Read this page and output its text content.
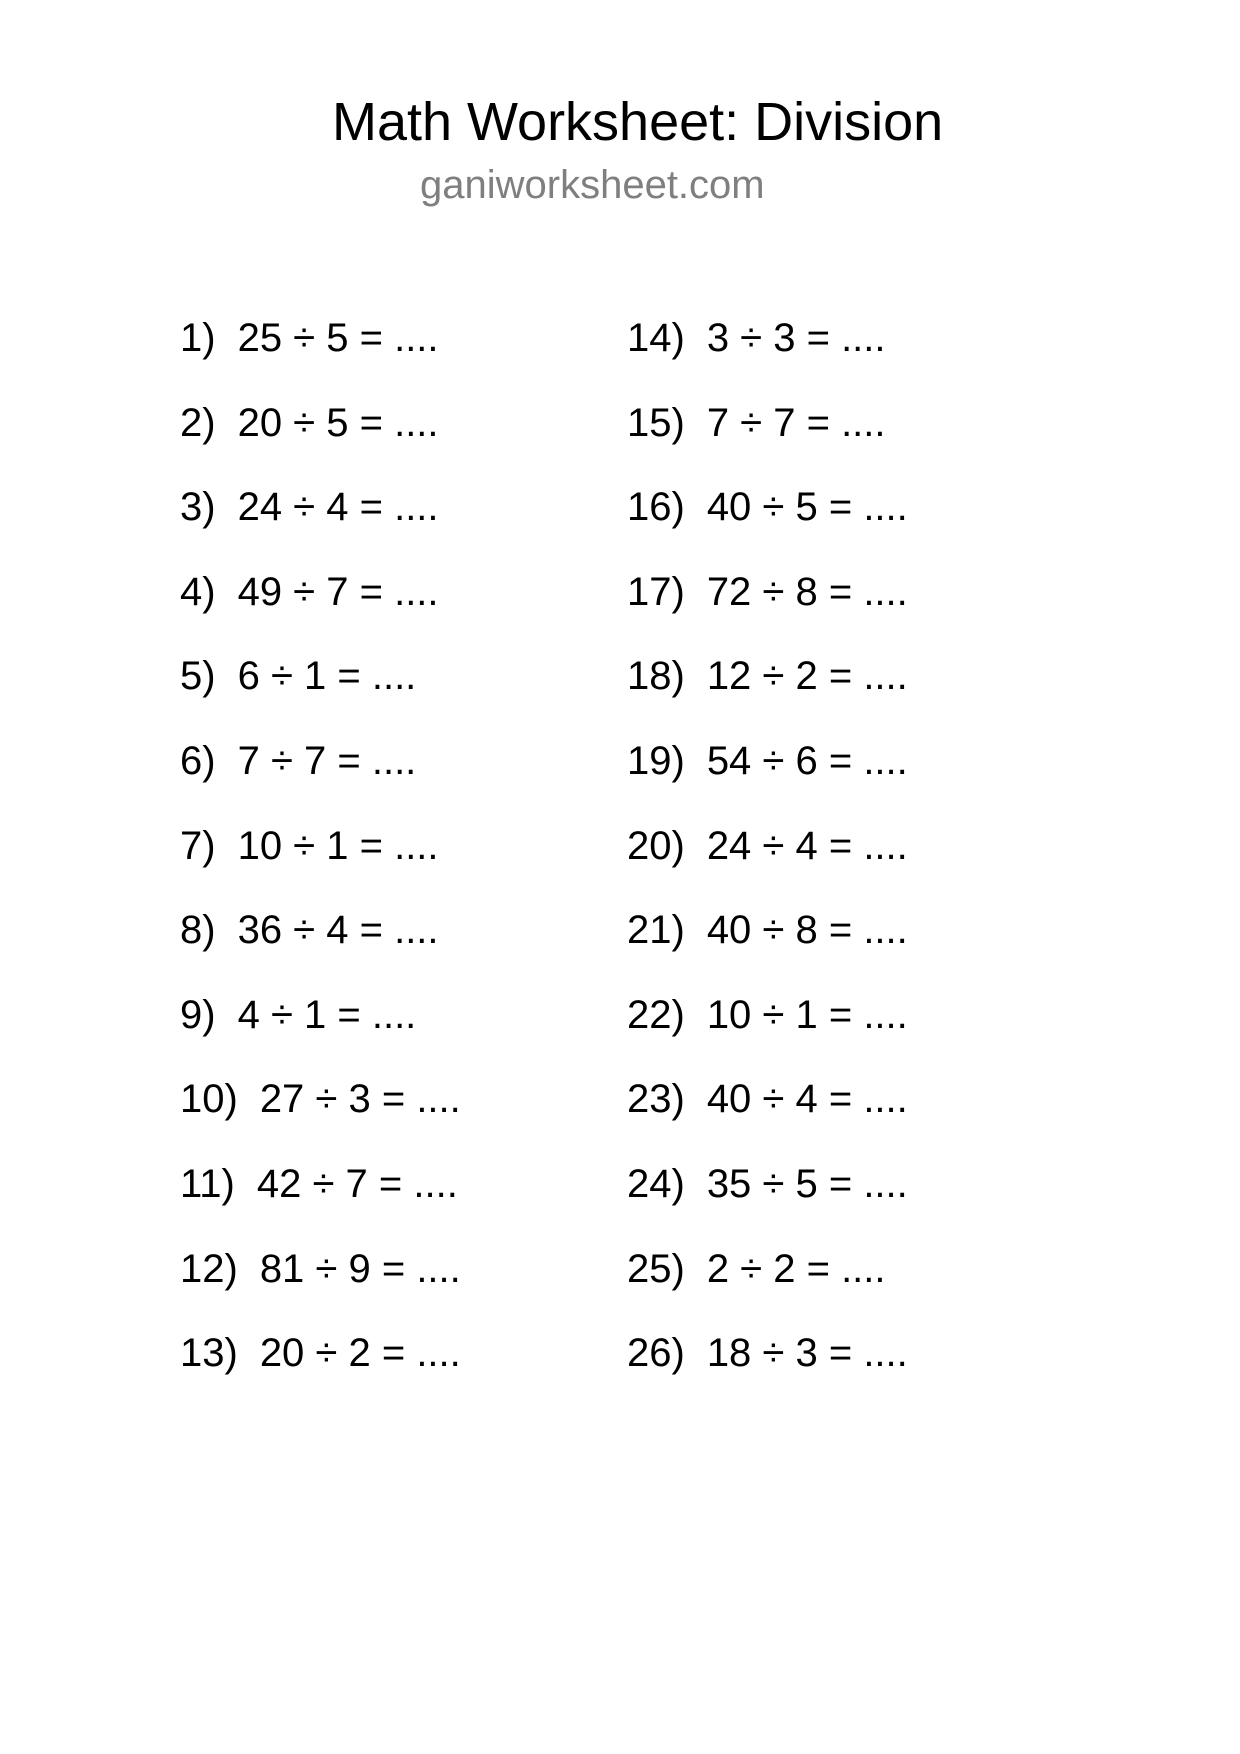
Math Worksheet: Division
ganiworksheet.com
1) 25 ÷ 5 = ....
2) 20 ÷ 5 = ....
3) 24 ÷ 4 = ....
4) 49 ÷ 7 = ....
5) 6 ÷ 1 = ....
6) 7 ÷ 7 = ....
7) 10 ÷ 1 = ....
8) 36 ÷ 4 = ....
9) 4 ÷ 1 = ....
10) 27 ÷ 3 = ....
11) 42 ÷ 7 = ....
12) 81 ÷ 9 = ....
13) 20 ÷ 2 = ....
14) 3 ÷ 3 = ....
15) 7 ÷ 7 = ....
16) 40 ÷ 5 = ....
17) 72 ÷ 8 = ....
18) 12 ÷ 2 = ....
19) 54 ÷ 6 = ....
20) 24 ÷ 4 = ....
21) 40 ÷ 8 = ....
22) 10 ÷ 1 = ....
23) 40 ÷ 4 = ....
24) 35 ÷ 5 = ....
25) 2 ÷ 2 = ....
26) 18 ÷ 3 = ....
